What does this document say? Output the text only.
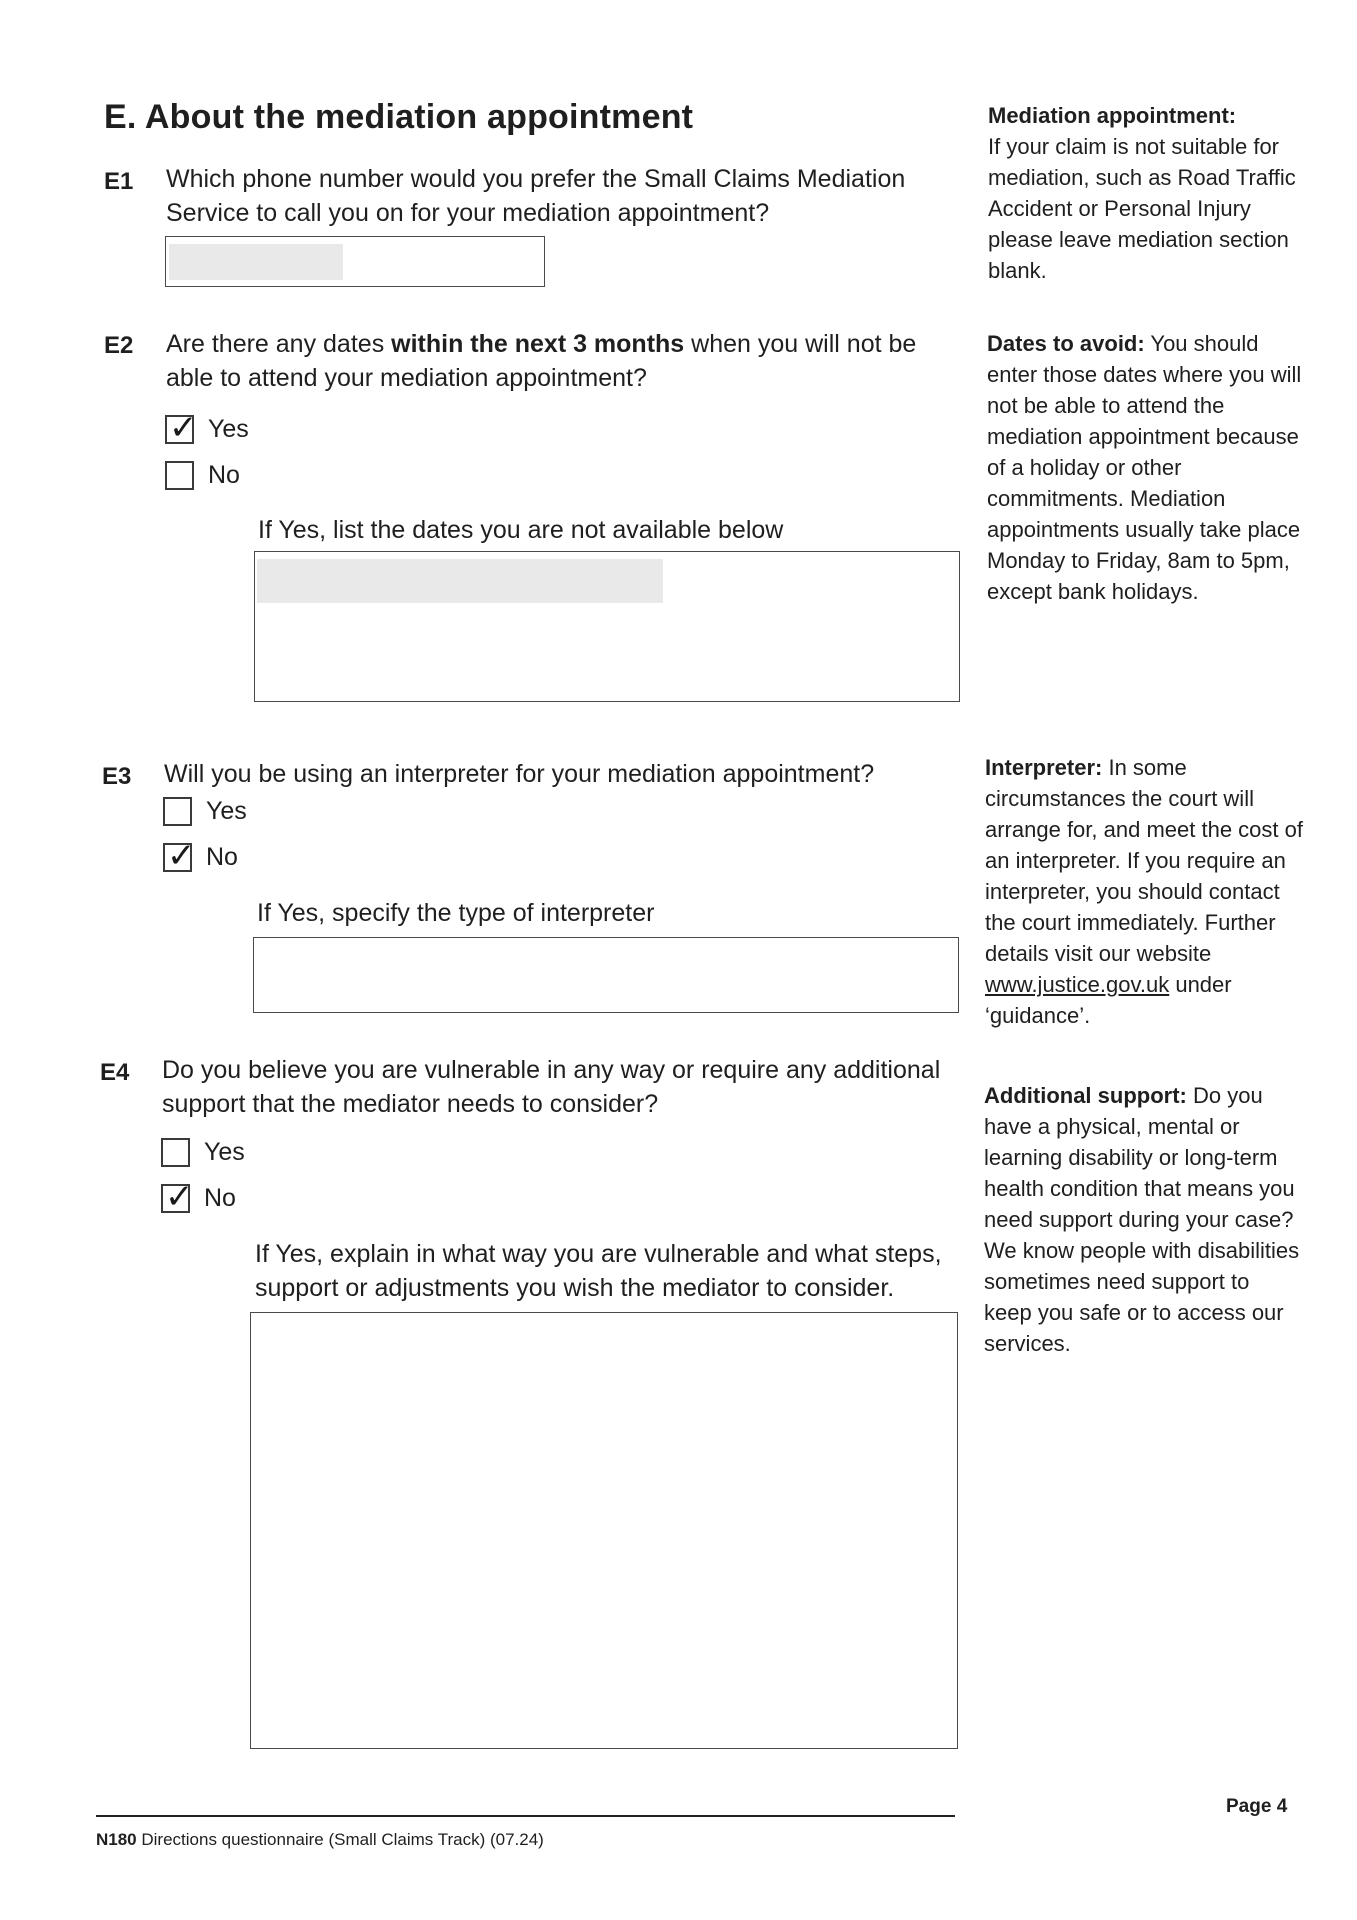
E. About the mediation appointment
E1 Which phone number would you prefer the Small Claims Mediation Service to call you on for your mediation appointment?
E2 Are there any dates within the next 3 months when you will not be able to attend your mediation appointment?
✓ Yes
No
If Yes, list the dates you are not available below
E3 Will you be using an interpreter for your mediation appointment?
Yes
✓ No
If Yes, specify the type of interpreter
E4 Do you believe you are vulnerable in any way or require any additional support that the mediator needs to consider?
Yes
✓ No
If Yes, explain in what way you are vulnerable and what steps, support or adjustments you wish the mediator to consider.
Mediation appointment:
If your claim is not suitable for mediation, such as Road Traffic Accident or Personal Injury please leave mediation section blank.
Dates to avoid: You should enter those dates where you will not be able to attend the mediation appointment because of a holiday or other commitments. Mediation appointments usually take place Monday to Friday, 8am to 5pm, except bank holidays.
Interpreter: In some circumstances the court will arrange for, and meet the cost of an interpreter. If you require an interpreter, you should contact the court immediately. Further details visit our website www.justice.gov.uk under ‘guidance’.
Additional support: Do you have a physical, mental or learning disability or long-term health condition that means you need support during your case? We know people with disabilities sometimes need support to keep you safe or to access our services.
N180 Directions questionnaire (Small Claims Track) (07.24)
Page 4
